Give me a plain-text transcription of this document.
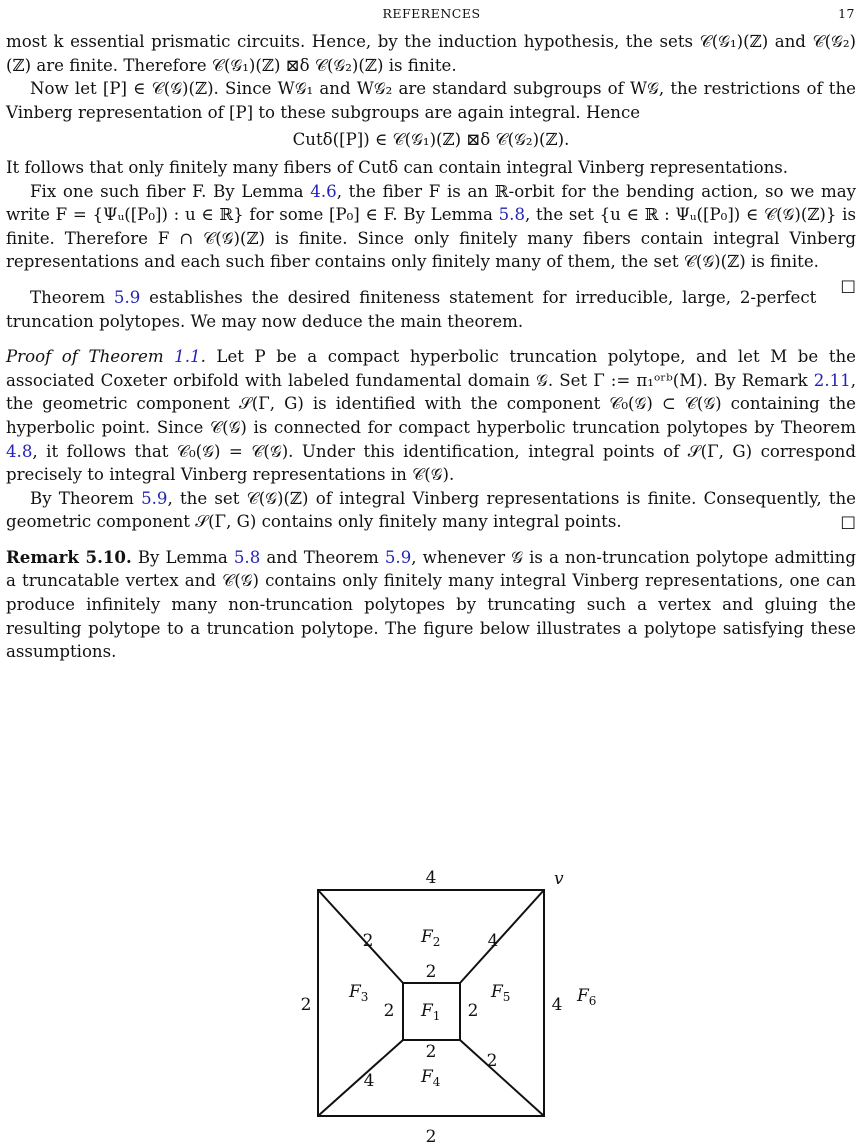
REFERENCES	17

most k essential prismatic circuits. Hence, by the induction hypothesis, the sets 𝒞(𝒢₁)(ℤ) and 𝒞(𝒢₂)(ℤ) are finite. Therefore 𝒞(𝒢₁)(ℤ) ⊠δ 𝒞(𝒢₂)(ℤ) is finite.

Now let [P] ∈ 𝒞(𝒢)(ℤ). Since W𝒢₁ and W𝒢₂ are standard subgroups of W𝒢, the restrictions of the Vinberg representation of [P] to these subgroups are again integral. Hence

Cutδ([P]) ∈ 𝒞(𝒢₁)(ℤ) ⊠δ 𝒞(𝒢₂)(ℤ).

It follows that only finitely many fibers of Cutδ can contain integral Vinberg representations.

Fix one such fiber F. By Lemma 4.6, the fiber F is an ℝ-orbit for the bending action, so we may write F = {Ψᵤ([P₀]) : u ∈ ℝ} for some [P₀] ∈ F. By Lemma 5.8, the set {u ∈ ℝ : Ψᵤ([P₀]) ∈ 𝒞(𝒢)(ℤ)} is finite. Therefore F ∩ 𝒞(𝒢)(ℤ) is finite. Since only finitely many fibers contain integral Vinberg representations and each such fiber contains only finitely many of them, the set 𝒞(𝒢)(ℤ) is finite.
□

Theorem 5.9 establishes the desired finiteness statement for irreducible, large, 2-perfect truncation polytopes. We may now deduce the main theorem.

Proof of Theorem 1.1. Let P be a compact hyperbolic truncation polytope, and let M be the associated Coxeter orbifold with labeled fundamental domain 𝒢. Set Γ := π₁ᵒʳᵇ(M). By Remark 2.11, the geometric component 𝒮(Γ, G) is identified with the component 𝒞₀(𝒢) ⊂ 𝒞(𝒢) containing the hyperbolic point. Since 𝒞(𝒢) is connected for compact hyperbolic truncation polytopes by Theorem 4.8, it follows that 𝒞₀(𝒢) = 𝒞(𝒢). Under this identification, integral points of 𝒮(Γ, G) correspond precisely to integral Vinberg representations in 𝒞(𝒢).

By Theorem 5.9, the set 𝒞(𝒢)(ℤ) of integral Vinberg representations is finite. Consequently, the geometric component 𝒮(Γ, G) contains only finitely many integral points.	□

Remark 5.10. By Lemma 5.8 and Theorem 5.9, whenever 𝒢 is a non-truncation polytope admitting a truncatable vertex and 𝒞(𝒢) contains only finitely many integral Vinberg representations, one can produce infinitely many non-truncation polytopes by truncating such a vertex and gluing the resulting polytope to a truncation polytope. The figure below illustrates a polytope satisfying these assumptions.

4	v
2	4
2
2	4
4
2
2
2	2
2
$F_2$
$F_3$
$F_1$
$F_5$	$F_6$
$F_4$
